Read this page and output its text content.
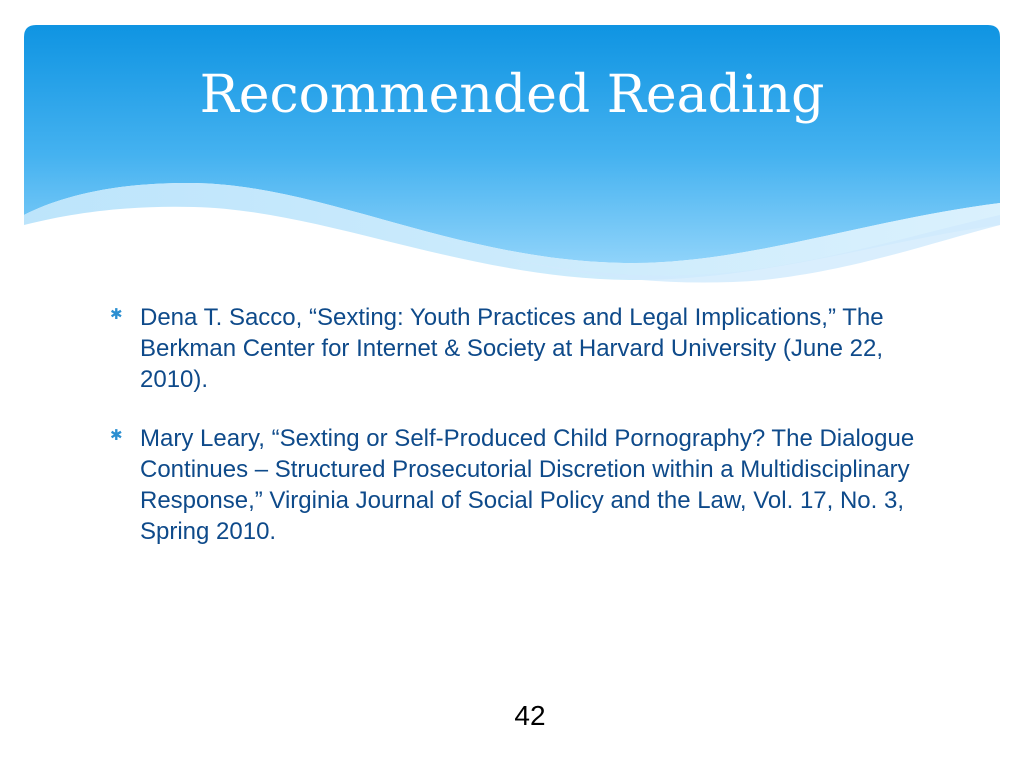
Recommended Reading
✱ Dena T. Sacco, “Sexting: Youth Practices and Legal Implications,” The Berkman Center for Internet & Society at Harvard University (June 22, 2010).
✱ Mary Leary, “Sexting or Self-Produced Child Pornography? The Dialogue Continues – Structured Prosecutorial Discretion within a Multidisciplinary Response,” Virginia Journal of Social Policy and the Law, Vol. 17, No. 3, Spring 2010.
42
